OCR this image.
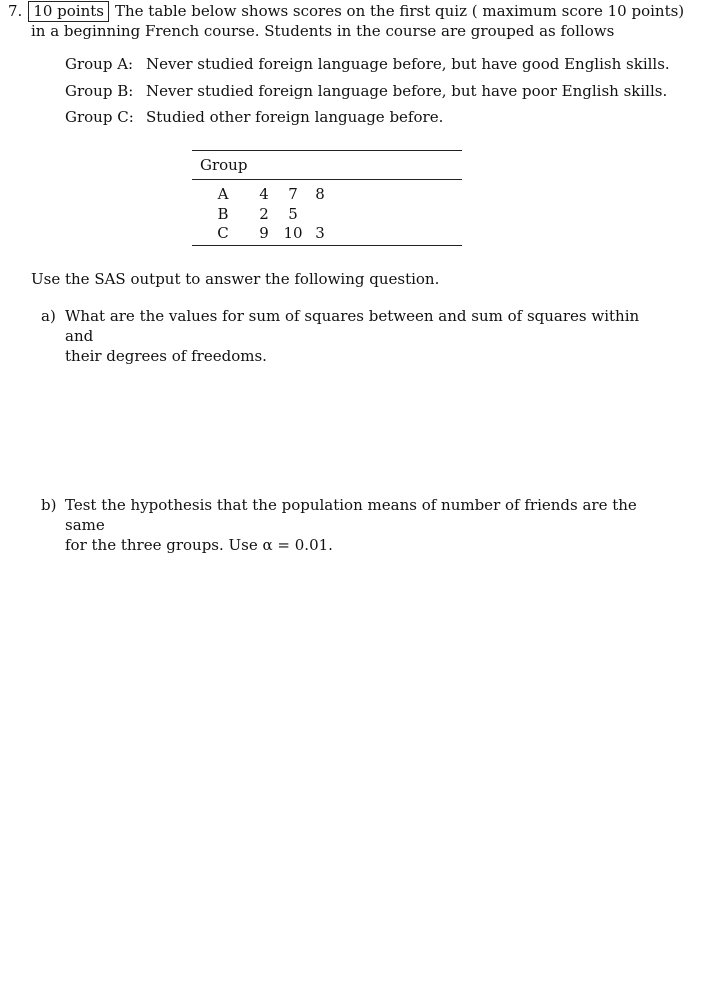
7. 10 points The table below shows scores on the first quiz ( maximum score 10 points)
in a beginning French course. Students in the course are grouped as follows
Group A: Never studied foreign language before, but have good English skills.
Group B: Never studied foreign language before, but have poor English skills.
Group C: Studied other foreign language before.
Group
A	4	7	8
B	2	5
C	9 10 3
Use the SAS output to answer the following question.
a) What are the values for sum of squares between and sum of squares within and
their degrees of freedoms.
b) Test the hypothesis that the population means of number of friends are the same
for the three groups. Use α = 0.01.
